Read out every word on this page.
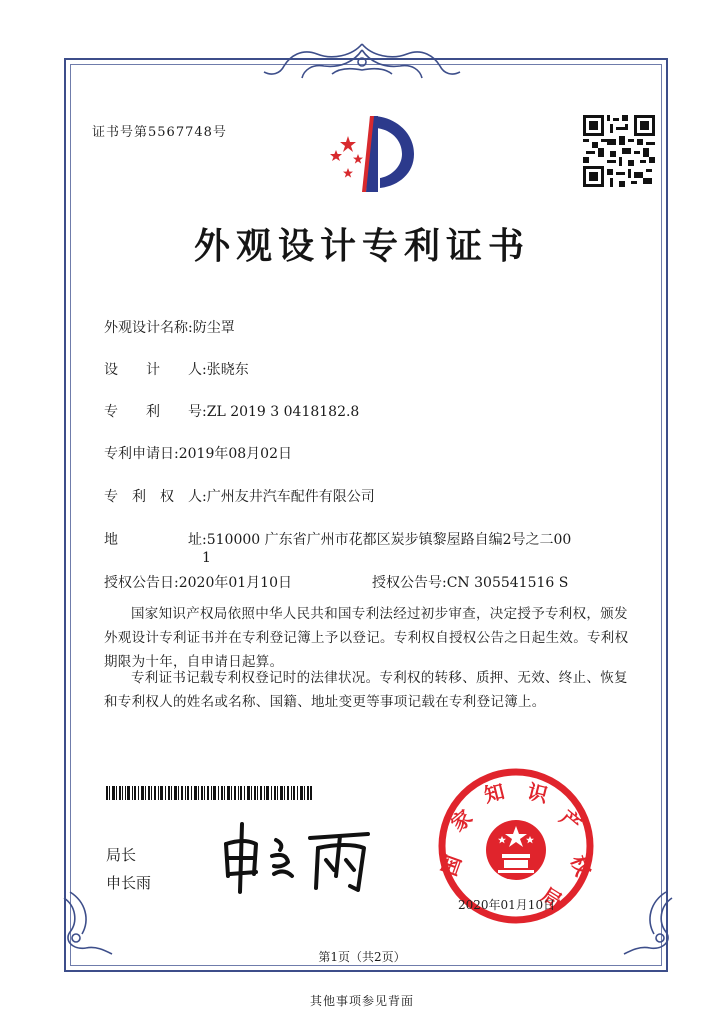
证书号第5567748号
外观设计专利证书
外观设计名称:防尘罩
设　　计　　人:张晓东
专　　利　　号:ZL 2019 3 0418182.8
专利申请日:2019年08月02日
专　利　权　人:广州友井汽车配件有限公司
地　　　　　址:510000 广东省广州市花都区炭步镇黎屋路自编2号之二00
1
授权公告日:2020年01月10日	授权公告号:CN 305541516 S
国家知识产权局依照中华人民共和国专利法经过初步审查，决定授予专利权，颁发外观设计专利证书并在专利登记簿上予以登记。专利权自授权公告之日起生效。专利权期限为十年，自申请日起算。
专利证书记载专利权登记时的法律状况。专利权的转移、质押、无效、终止、恢复和专利权人的姓名或名称、国籍、地址变更等事项记载在专利登记簿上。
局长
申长雨
国
家
知 识
产
权
局
2020年01月10日
第1页（共2页）
其他事项参见背面
